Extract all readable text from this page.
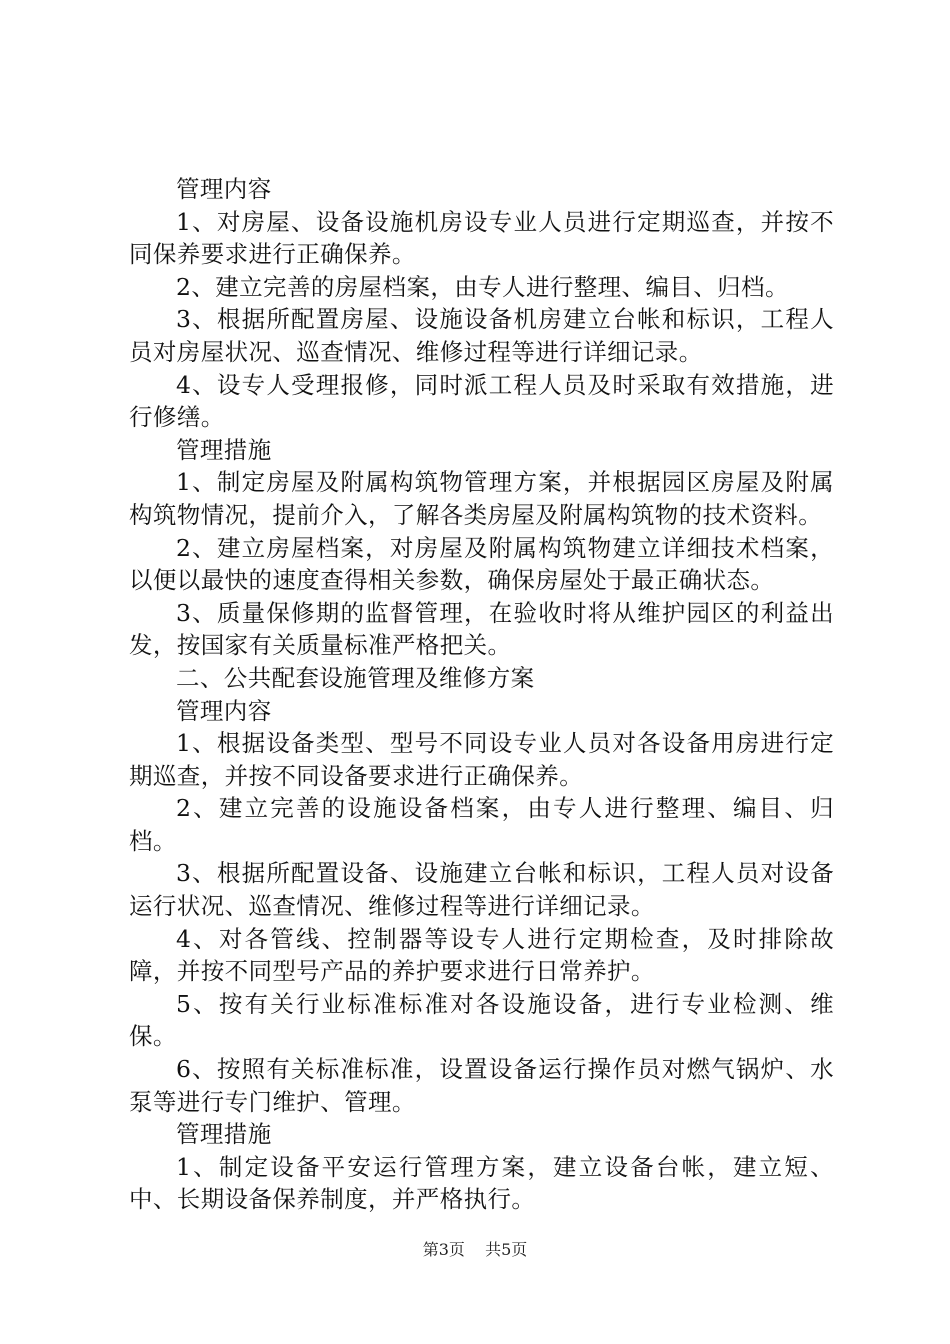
管理内容

1、对房屋、设备设施机房设专业人员进行定期巡查，并按不同保养要求进行正确保养。

2、建立完善的房屋档案，由专人进行整理、编目、归档。

3、根据所配置房屋、设施设备机房建立台帐和标识，工程人员对房屋状况、巡查情况、维修过程等进行详细记录。

4、设专人受理报修，同时派工程人员及时采取有效措施，进行修缮。

管理措施

1、制定房屋及附属构筑物管理方案，并根据园区房屋及附属构筑物情况，提前介入，了解各类房屋及附属构筑物的技术资料。

2、建立房屋档案，对房屋及附属构筑物建立详细技术档案，以便以最快的速度查得相关参数，确保房屋处于最正确状态。

3、质量保修期的监督管理，在验收时将从维护园区的利益出发，按国家有关质量标准严格把关。

二、公共配套设施管理及维修方案

管理内容

1、根据设备类型、型号不同设专业人员对各设备用房进行定期巡查，并按不同设备要求进行正确保养。

2、建立完善的设施设备档案，由专人进行整理、编目、归档。

3、根据所配置设备、设施建立台帐和标识，工程人员对设备运行状况、巡查情况、维修过程等进行详细记录。

4、对各管线、控制器等设专人进行定期检查，及时排除故障，并按不同型号产品的养护要求进行日常养护。

5、按有关行业标准标准对各设施设备，进行专业检测、维保。

6、按照有关标准标准，设置设备运行操作员对燃气锅炉、水泵等进行专门维护、管理。

管理措施

1、制定设备平安运行管理方案，建立设备台帐，建立短、中、长期设备保养制度，并严格执行。

第3页 共5页
